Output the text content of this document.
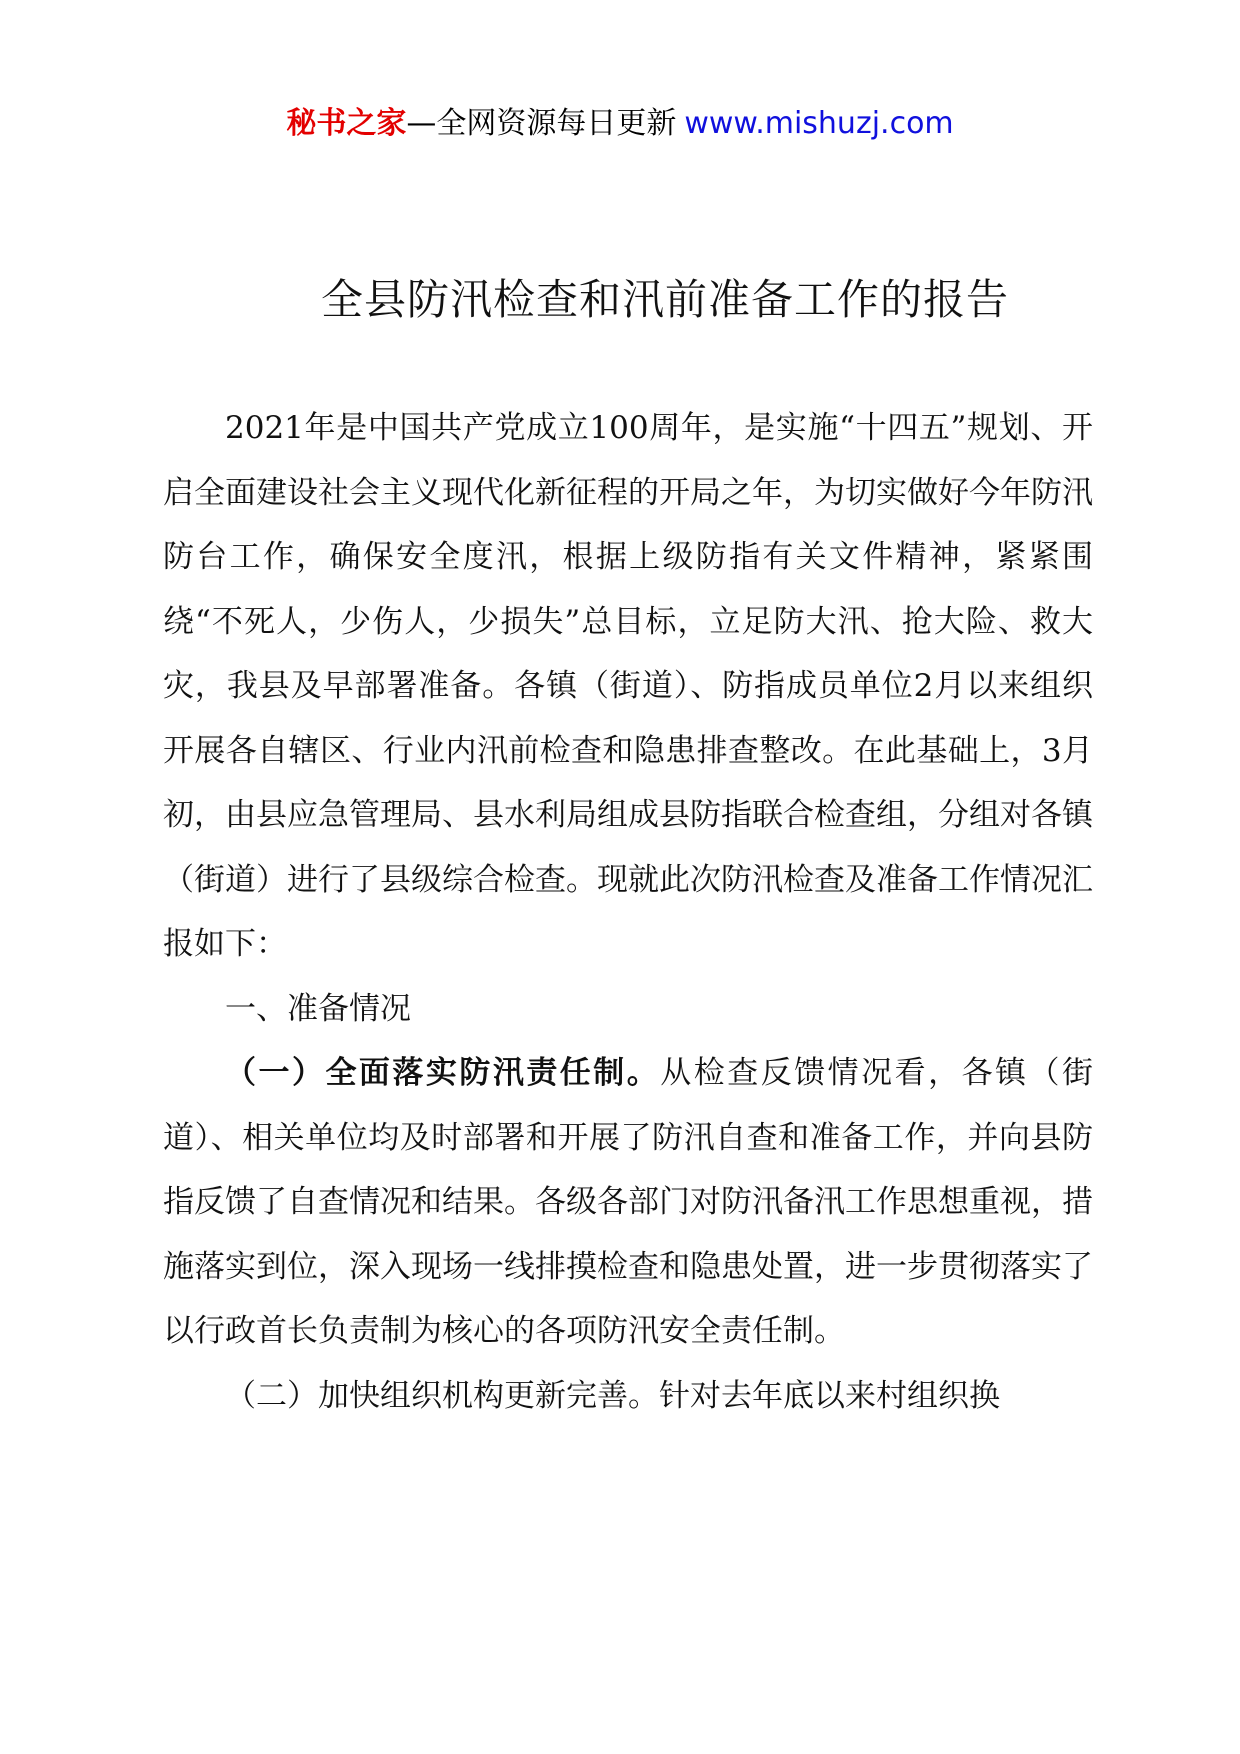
秘书之家—全网资源每日更新 www.mishuzj.com
全县防汛检查和汛前准备工作的报告

2021年是中国共产党成立100周年，是实施“十四五”规划、开启全面建设社会主义现代化新征程的开局之年，为切实做好今年防汛防台工作，确保安全度汛，根据上级防指有关文件精神，紧紧围绕“不死人，少伤人，少损失”总目标，立足防大汛、抢大险、救大灾，我县及早部署准备。各镇（街道）、防指成员单位2月以来组织开展各自辖区、行业内汛前检查和隐患排查整改。在此基础上，3月初，由县应急管理局、县水利局组成县防指联合检查组，分组对各镇（街道）进行了县级综合检查。现就此次防汛检查及准备工作情况汇报如下：

一、准备情况

（一）全面落实防汛责任制。从检查反馈情况看，各镇（街道）、相关单位均及时部署和开展了防汛自查和准备工作，并向县防指反馈了自查情况和结果。各级各部门对防汛备汛工作思想重视，措施落实到位，深入现场一线排摸检查和隐患处置，进一步贯彻落实了以行政首长负责制为核心的各项防汛安全责任制。

（二）加快组织机构更新完善。针对去年底以来村组织换
